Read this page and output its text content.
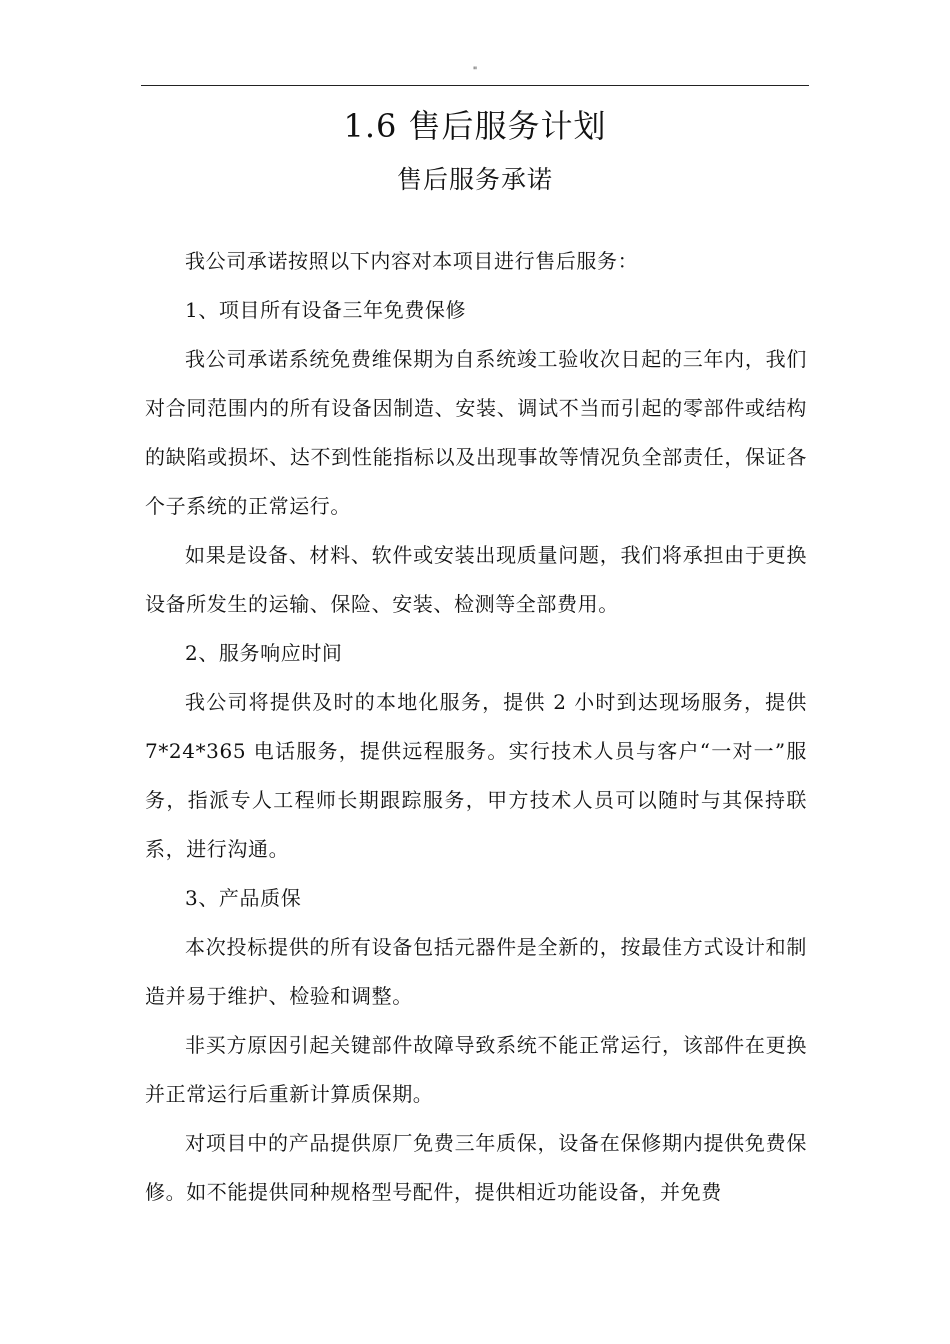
"
1.6 售后服务计划
售后服务承诺

我公司承诺按照以下内容对本项目进行售后服务：

1、项目所有设备三年免费保修

我公司承诺系统免费维保期为自系统竣工验收次日起的三年内，我们对合同范围内的所有设备因制造、安装、调试不当而引起的零部件或结构的缺陷或损坏、达不到性能指标以及出现事故等情况负全部责任，保证各个子系统的正常运行。

如果是设备、材料、软件或安装出现质量问题，我们将承担由于更换设备所发生的运输、保险、安装、检测等全部费用。

2、服务响应时间

我公司将提供及时的本地化服务，提供 2 小时到达现场服务，提供 7*24*365 电话服务，提供远程服务。实行技术人员与客户“一对一”服务，指派专人工程师长期跟踪服务，甲方技术人员可以随时与其保持联系，进行沟通。

3、产品质保

本次投标提供的所有设备包括元器件是全新的，按最佳方式设计和制造并易于维护、检验和调整。

非买方原因引起关键部件故障导致系统不能正常运行，该部件在更换并正常运行后重新计算质保期。

对项目中的产品提供原厂免费三年质保，设备在保修期内提供免费保修。如不能提供同种规格型号配件，提供相近功能设备，并免费
